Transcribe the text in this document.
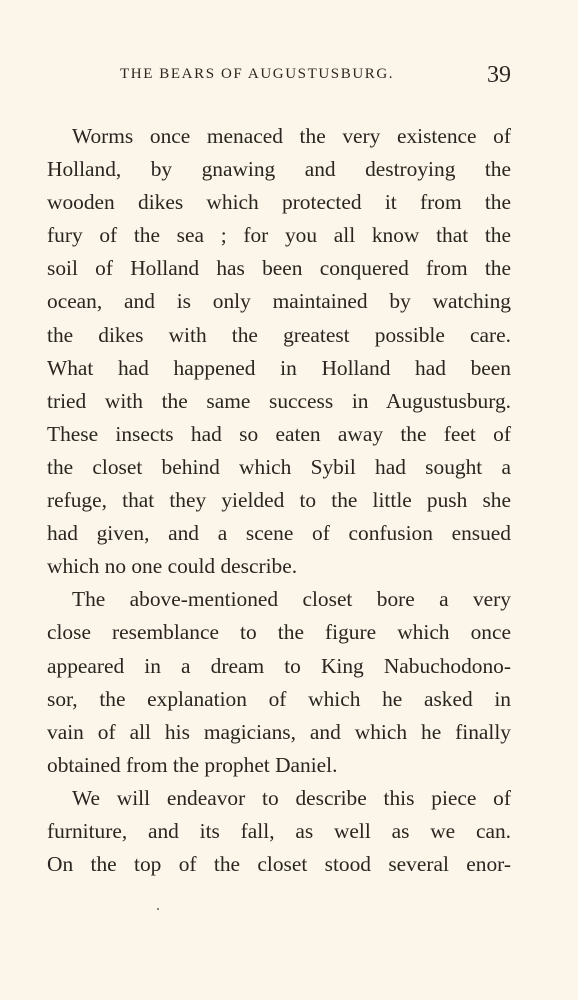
THE BEARS OF AUGUSTUSBURG.	39
Worms once menaced the very existence of
Holland, by gnawing and destroying the
wooden dikes which protected it from the
fury of the sea ; for you all know that the
soil of Holland has been conquered from the
ocean, and is only maintained by watching
the dikes with the greatest possible care.
What had happened in Holland had been
tried with the same success in Augustusburg.
These insects had so eaten away the feet of
the closet behind which Sybil had sought a
refuge, that they yielded to the little push she
had given, and a scene of confusion ensued
which no one could describe.
The above-mentioned closet bore a very
close resemblance to the figure which once
appeared in a dream to King Nabuchodono-
sor, the explanation of which he asked in
vain of all his magicians, and which he finally
obtained from the prophet Daniel.
We will endeavor to describe this piece of
furniture, and its fall, as well as we can.
On the top of the closet stood several enor-
